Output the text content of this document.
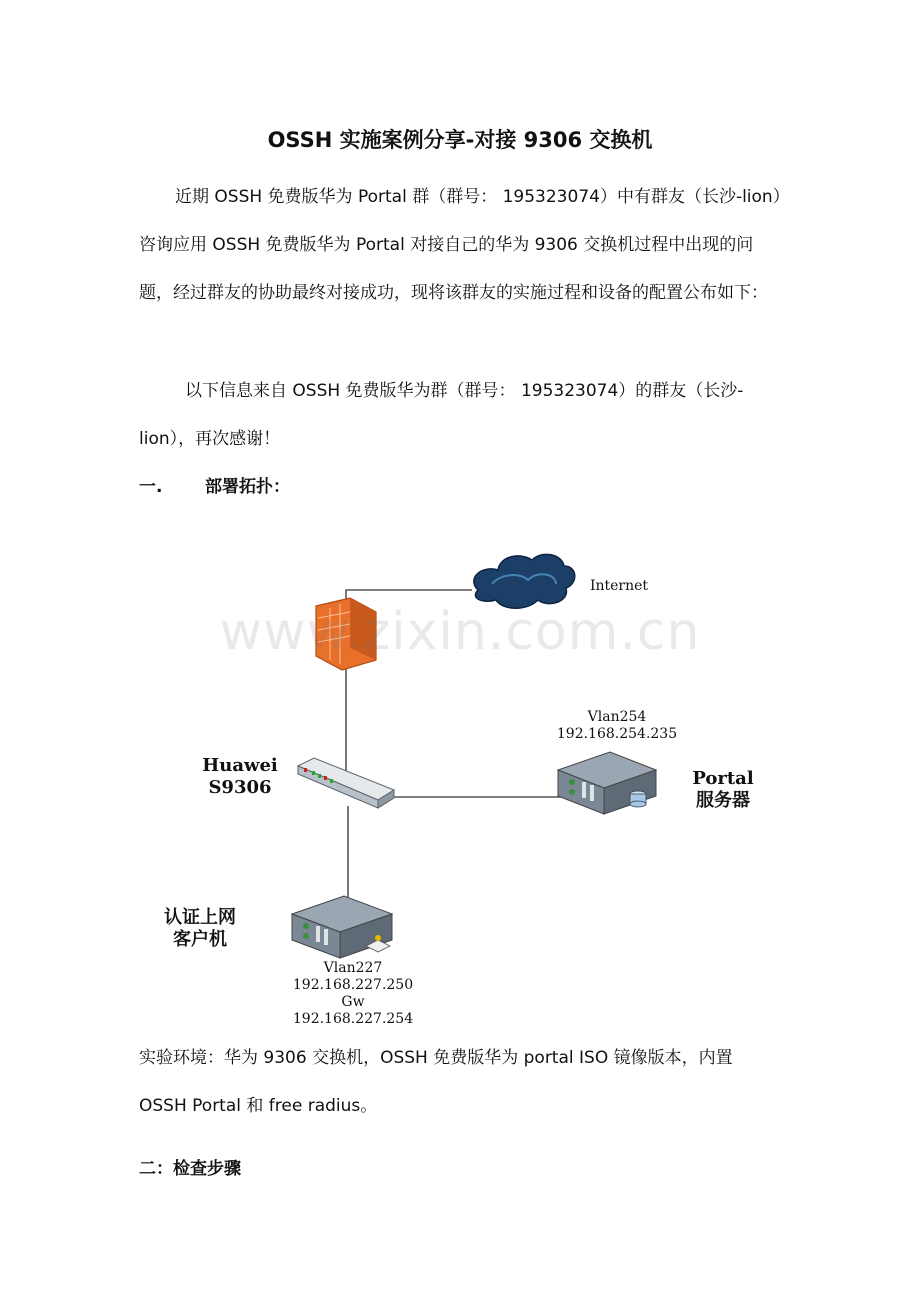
OSSH 实施案例分享-对接 9306 交换机
近期 OSSH 免费版华为 Portal 群（群号： 195323074）中有群友（长沙-lion）咨询应用 OSSH 免费版华为 Portal 对接自己的华为 9306 交换机过程中出现的问题，经过群友的协助最终对接成功，现将该群友的实施过程和设备的配置公布如下：
以下信息来自 OSSH 免费版华为群（群号： 195323074）的群友（长沙-lion），再次感谢！
一.	部署拓扑：
www.zixin.com.cn
Internet
Huawei
S9306
Vlan254
192.168.254.235
Portal
服务器
认证上网
客户机
Vlan227
192.168.227.250
Gw
192.168.227.254
实验环境：华为 9306 交换机，OSSH 免费版华为 portal ISO 镜像版本，内置 OSSH Portal 和 free radius。
二：检查步骤
